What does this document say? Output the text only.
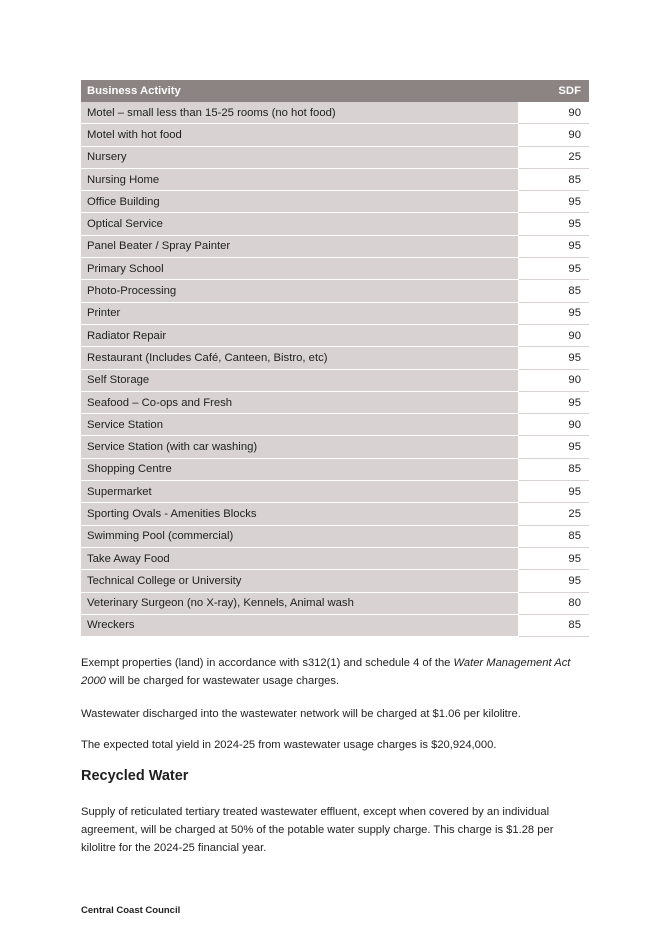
Business Activity	SDF
Motel – small less than 15-25 rooms (no hot food)	90
Motel with hot food	90
Nursery	25
Nursing Home	85
Office Building	95
Optical Service	95
Panel Beater / Spray Painter	95
Primary School	95
Photo-Processing	85
Printer	95
Radiator Repair	90
Restaurant (Includes Café, Canteen, Bistro, etc)	95
Self Storage	90
Seafood – Co-ops and Fresh	95
Service Station	90
Service Station (with car washing)	95
Shopping Centre	85
Supermarket	95
Sporting Ovals - Amenities Blocks	25
Swimming Pool (commercial)	85
Take Away Food	95
Technical College or University	95
Veterinary Surgeon (no X-ray), Kennels, Animal wash	80
Wreckers	85

Exempt properties (land) in accordance with s312(1) and schedule 4 of the Water Management Act 2000 will be charged for wastewater usage charges.

Wastewater discharged into the wastewater network will be charged at $1.06 per kilolitre.

The expected total yield in 2024-25 from wastewater usage charges is $20,924,000.

Recycled Water

Supply of reticulated tertiary treated wastewater effluent, except when covered by an individual agreement, will be charged at 50% of the potable water supply charge. This charge is $1.28 per kilolitre for the 2024-25 financial year.

Central Coast Council
